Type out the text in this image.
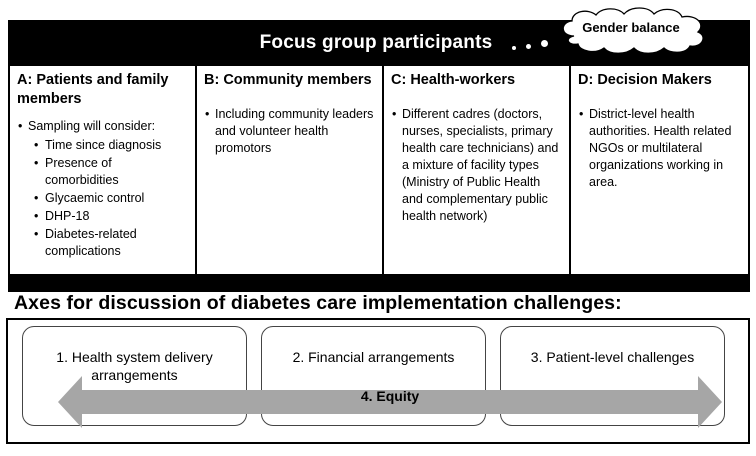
Focus group participants
A: Patients and family members
• Sampling will consider:
• Time since diagnosis
• Presence of comorbidities
• Glycaemic control
• DHP-18
• Diabetes-related complications
B: Community members
• Including community leaders and volunteer health promotors
C: Health-workers
• Different cadres (doctors, nurses, specialists, primary health care technicians) and a mixture of facility types (Ministry of Public Health and complementary public health network)
D: Decision Makers
• District-level health authorities. Health related NGOs or multilateral organizations working in area.
Gender balance
Axes for discussion of diabetes care implementation challenges:
1. Health system delivery arrangements
2. Financial arrangements	3. Patient-level challenges
4. Equity
